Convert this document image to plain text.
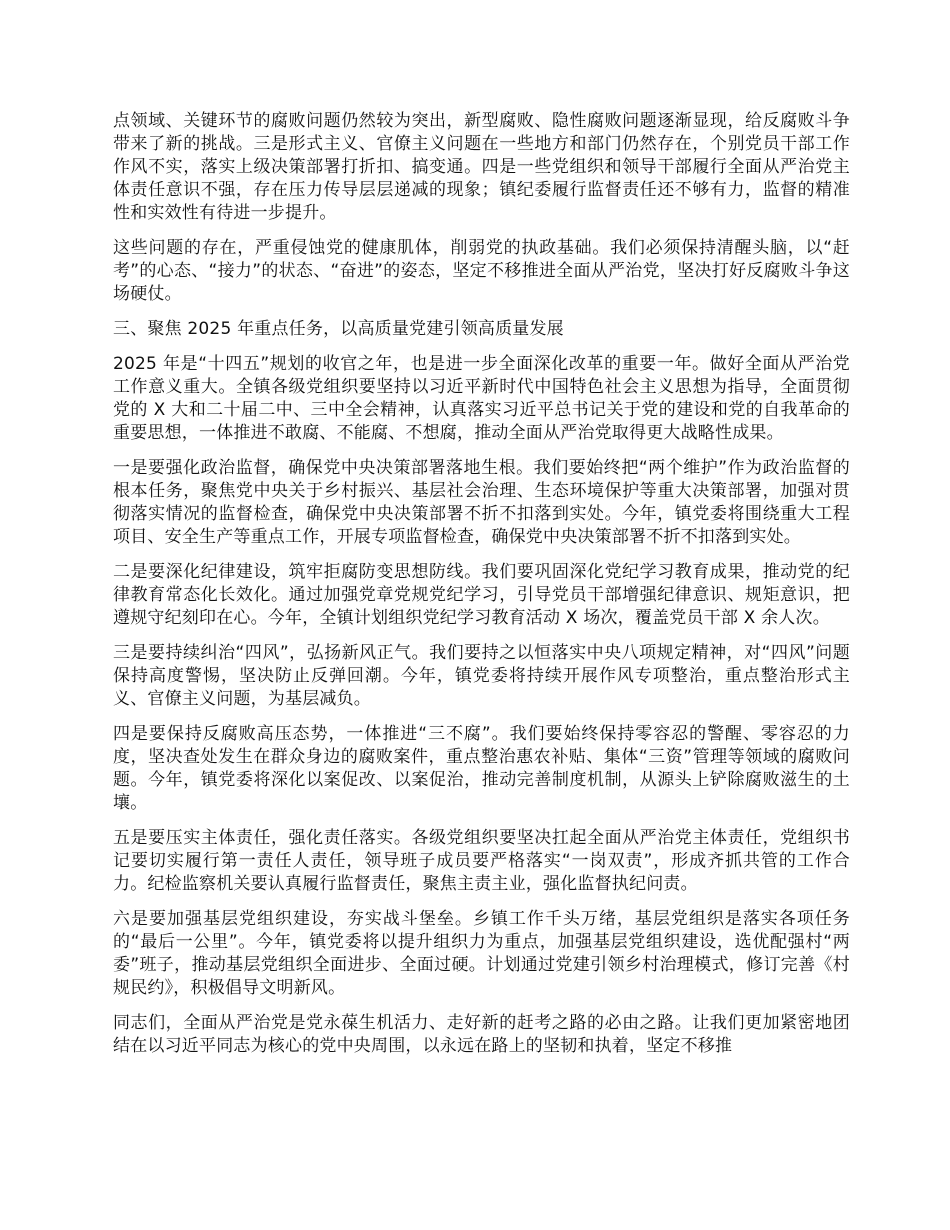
点领域、关键环节的腐败问题仍然较为突出，新型腐败、隐性腐败问题逐渐显现，给反腐败斗争带来了新的挑战。三是形式主义、官僚主义问题在一些地方和部门仍然存在，个别党员干部工作作风不实，落实上级决策部署打折扣、搞变通。四是一些党组织和领导干部履行全面从严治党主体责任意识不强，存在压力传导层层递减的现象；镇纪委履行监督责任还不够有力，监督的精准性和实效性有待进一步提升。

这些问题的存在，严重侵蚀党的健康肌体，削弱党的执政基础。我们必须保持清醒头脑，以“赶考”的心态、“接力”的状态、“奋进”的姿态，坚定不移推进全面从严治党，坚决打好反腐败斗争这场硬仗。

三、聚焦 2025 年重点任务，以高质量党建引领高质量发展

2025 年是“十四五”规划的收官之年，也是进一步全面深化改革的重要一年。做好全面从严治党工作意义重大。全镇各级党组织要坚持以习近平新时代中国特色社会主义思想为指导，全面贯彻党的 X 大和二十届二中、三中全会精神，认真落实习近平总书记关于党的建设和党的自我革命的重要思想，一体推进不敢腐、不能腐、不想腐，推动全面从严治党取得更大战略性成果。

一是要强化政治监督，确保党中央决策部署落地生根。我们要始终把“两个维护”作为政治监督的根本任务，聚焦党中央关于乡村振兴、基层社会治理、生态环境保护等重大决策部署，加强对贯彻落实情况的监督检查，确保党中央决策部署不折不扣落到实处。今年，镇党委将围绕重大工程项目、安全生产等重点工作，开展专项监督检查，确保党中央决策部署不折不扣落到实处。

二是要深化纪律建设，筑牢拒腐防变思想防线。我们要巩固深化党纪学习教育成果，推动党的纪律教育常态化长效化。通过加强党章党规党纪学习，引导党员干部增强纪律意识、规矩意识，把遵规守纪刻印在心。今年，全镇计划组织党纪学习教育活动 X 场次，覆盖党员干部 X 余人次。

三是要持续纠治“四风”，弘扬新风正气。我们要持之以恒落实中央八项规定精神，对“四风”问题保持高度警惕，坚决防止反弹回潮。今年，镇党委将持续开展作风专项整治，重点整治形式主义、官僚主义问题，为基层减负。

四是要保持反腐败高压态势，一体推进“三不腐”。我们要始终保持零容忍的警醒、零容忍的力度，坚决查处发生在群众身边的腐败案件，重点整治惠农补贴、集体“三资”管理等领域的腐败问题。今年，镇党委将深化以案促改、以案促治，推动完善制度机制，从源头上铲除腐败滋生的土壤。

五是要压实主体责任，强化责任落实。各级党组织要坚决扛起全面从严治党主体责任，党组织书记要切实履行第一责任人责任，领导班子成员要严格落实“一岗双责”，形成齐抓共管的工作合力。纪检监察机关要认真履行监督责任，聚焦主责主业，强化监督执纪问责。

六是要加强基层党组织建设，夯实战斗堡垒。乡镇工作千头万绪，基层党组织是落实各项任务的“最后一公里”。今年，镇党委将以提升组织力为重点，加强基层党组织建设，选优配强村“两委”班子，推动基层党组织全面进步、全面过硬。计划通过党建引领乡村治理模式，修订完善《村规民约》，积极倡导文明新风。

同志们，全面从严治党是党永葆生机活力、走好新的赶考之路的必由之路。让我们更加紧密地团结在以习近平同志为核心的党中央周围，以永远在路上的坚韧和执着，坚定不移推
